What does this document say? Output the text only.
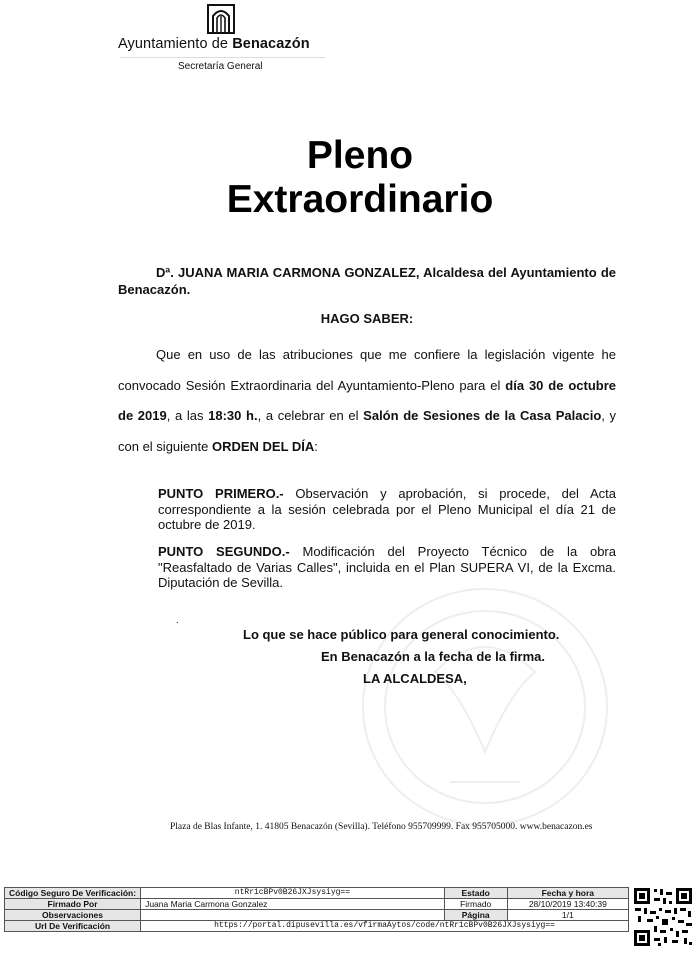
Ayuntamiento de Benacazón
Secretaría General
Pleno
Extraordinario
Dª. JUANA MARIA CARMONA GONZALEZ, Alcaldesa del Ayuntamiento de Benacazón.
HAGO SABER:
Que en uso de las atribuciones que me confiere la legislación vigente he convocado Sesión Extraordinaria del Ayuntamiento-Pleno para el día 30 de octubre de 2019, a las 18:30 h., a celebrar en el Salón de Sesiones de la Casa Palacio, y con el siguiente ORDEN DEL DÍA:
PUNTO PRIMERO.- Observación y aprobación, si procede, del Acta correspondiente a la sesión celebrada por el Pleno Municipal el día 21 de octubre de 2019.
PUNTO SEGUNDO.- Modificación del Proyecto Técnico de la obra "Reasfaltado de Varias Calles", incluida en el Plan SUPERA VI, de la Excma. Diputación de Sevilla.
.
Lo que se hace público para general conocimiento.
En Benacazón a la fecha de la firma.
LA ALCALDESA,
Plaza de Blas Infante, 1. 41805 Benacazón (Sevilla). Teléfono 955709999. Fax 955705000. www.benacazon.es
Código Seguro De Verificación:	ntRr1cBPv0B26JXJsysiyg==	Estado	Fecha y hora
Firmado Por	Juana Maria Carmona Gonzalez	Firmado	28/10/2019 13:40:39
Observaciones		Página	1/1
Url De Verificación	https://portal.dipusevilla.es/vfirmaAytos/code/ntRr1cBPv0B26JXJsysiyg==		
